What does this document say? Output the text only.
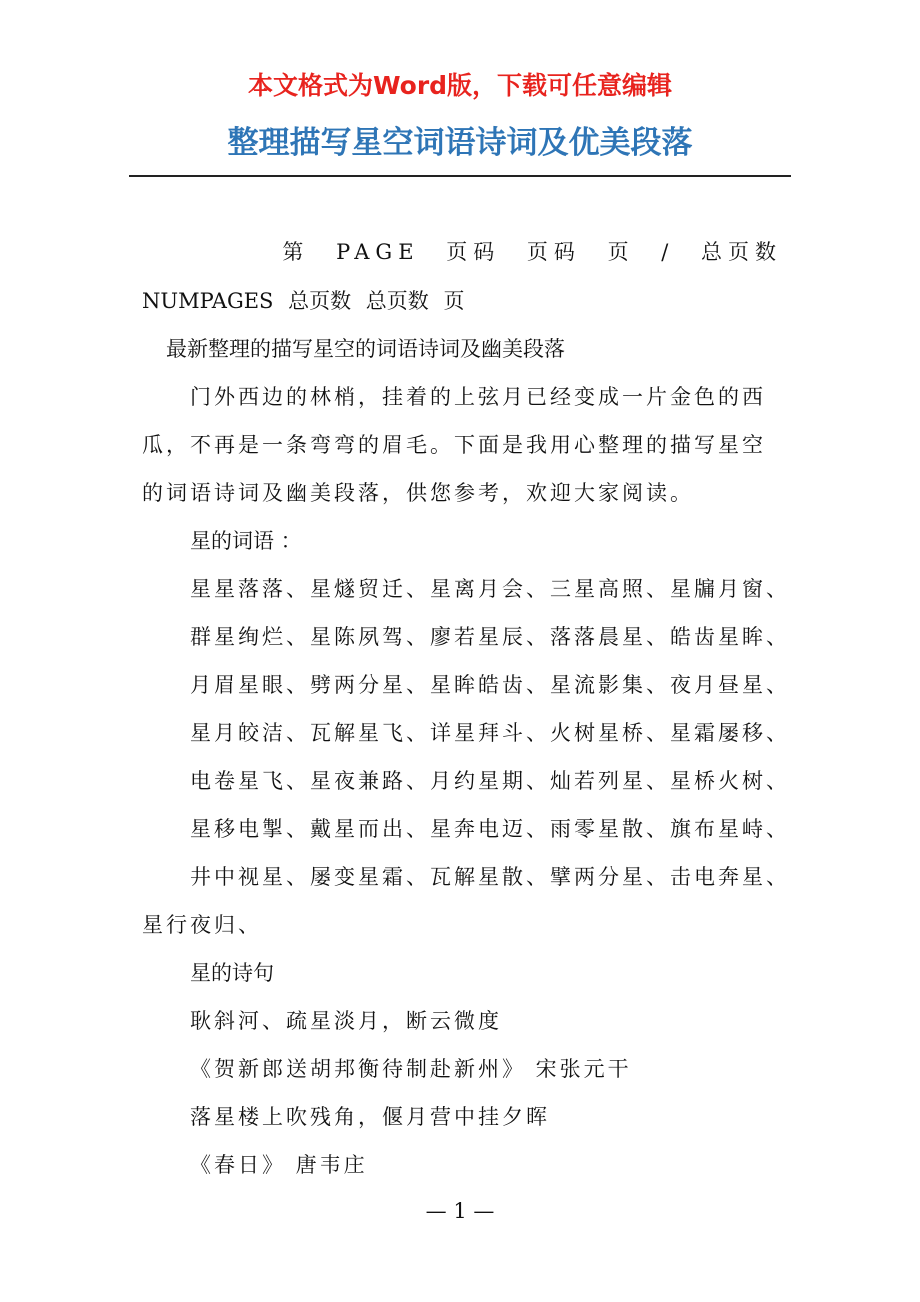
本文格式为Word版，下载可任意编辑
整理描写星空词语诗词及优美段落
第 PAGE 页码 页码 页 / 总页数
NUMPAGES 总页数 总页数 页
最新整理的描写星空的词语诗词及幽美段落
门外西边的林梢，挂着的上弦月已经变成一片金色的西
瓜，不再是一条弯弯的眉毛。下面是我用心整理的描写星空
的词语诗词及幽美段落，供您参考，欢迎大家阅读。
星的词语 ：
星星落落、星燧贸迁、星离月会、三星高照、星牖月窗、
群星绚烂、星陈夙驾、廖若星辰、落落晨星、皓齿星眸、
月眉星眼、劈两分星、星眸皓齿、星流影集、夜月昼星、
星月皎洁、瓦解星飞、详星拜斗、火树星桥、星霜屡移、
电卷星飞、星夜兼路、月约星期、灿若列星、星桥火树、
星移电掣、戴星而出、星奔电迈、雨零星散、旗布星峙、
井中视星、屡变星霜、瓦解星散、擘两分星、击电奔星、
星行夜归、
星的诗句
耿斜河、疏星淡月，断云微度
《贺新郎送胡邦衡待制赴新州》 宋张元干
落星楼上吹残角，偃月营中挂夕晖
《春日》 唐韦庄
— 1 —
